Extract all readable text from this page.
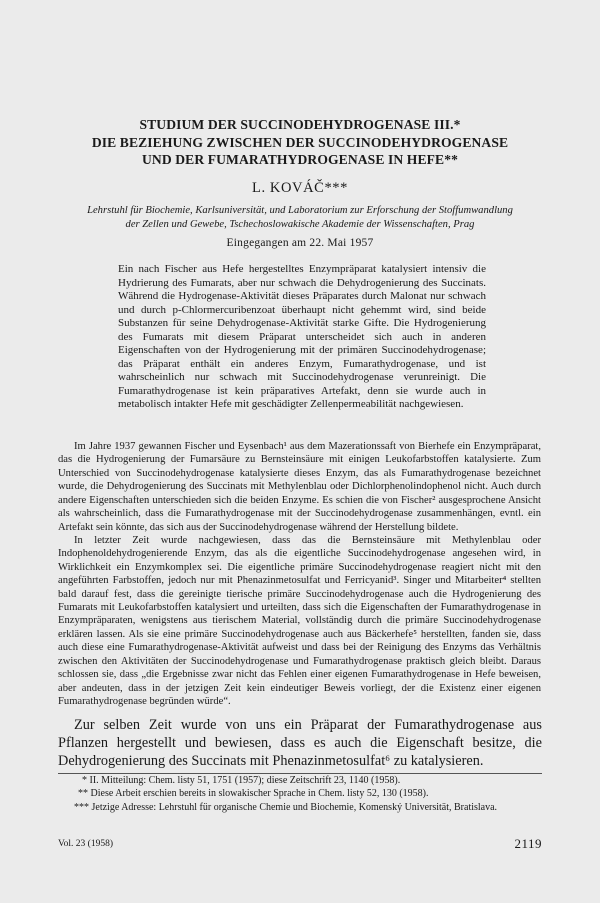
STUDIUM DER SUCCINODEHYDROGENASE III.*
DIE BEZIEHUNG ZWISCHEN DER SUCCINODEHYDROGENASE
UND DER FUMARATHYDROGENASE IN HEFE**
L. KOVÁČ***
Lehrstuhl für Biochemie, Karlsuniversität, und Laboratorium zur Erforschung der Stoffumwandlung
der Zellen und Gewebe, Tschechoslowakische Akademie der Wissenschaften, Prag
Eingegangen am 22. Mai 1957
Ein nach Fischer aus Hefe hergestelltes Enzympräparat katalysiert intensiv die Hydrierung des Fumarats, aber nur schwach die Dehydrogenierung des Succinats. Während die Hydrogenase-Aktivität dieses Präparates durch Malonat nur schwach und durch p-Chlormercuribenzoat überhaupt nicht gehemmt wird, sind beide Substanzen für seine Dehydrogenase-Aktivität starke Gifte. Die Hydrogenierung des Fumarats mit diesem Präparat unterscheidet sich auch in anderen Eigenschaften von der Hydrogenierung mit der primären Succinodehydrogenase; das Präparat enthält ein anderes Enzym, Fumarathydrogenase, und ist wahrscheinlich nur schwach mit Succinodehydrogenase verunreinigt. Die Fumarathydrogenase ist kein präparatives Artefakt, denn sie wurde auch in metabolisch intakter Hefe mit geschädigter Zellenpermeabilität nachgewiesen.
Im Jahre 1937 gewannen Fischer und Eysenbach¹ aus dem Mazerationssaft von Bierhefe ein Enzympräparat, das die Hydrogenierung der Fumarsäure zu Bernsteinsäure mit einigen Leukofarbstoffen katalysierte. Zum Unterschied von Succinodehydrogenase katalysierte dieses Enzym, das als Fumarathydrogenase bezeichnet wurde, die Dehydrogenierung des Succinats mit Methylenblau oder Dichlorphenolindophenol nicht. Auch durch andere Eigenschaften unterschieden sich die beiden Enzyme. Es schien die von Fischer² ausgesprochene Ansicht als wahrscheinlich, dass die Fumarathydrogenase mit der Succinodehydrogenase zusammenhängen, evntl. ein Artefakt sein könnte, das sich aus der Succinodehydrogenase während der Herstellung bildete.
In letzter Zeit wurde nachgewiesen, dass das die Bernsteinsäure mit Methylenblau oder Indophenoldehydrogenierende Enzym, das als die eigentliche Succinodehydrogenase angesehen wird, in Wirklichkeit ein Enzymkomplex sei. Die eigentliche primäre Succinodehydrogenase reagiert nicht mit den angeführten Farbstoffen, jedoch nur mit Phenazinmetosulfat und Ferricyanid³. Singer und Mitarbeiter⁴ stellten bald darauf fest, dass die gereinigte tierische primäre Succinodehydrogenase auch die Hydrogenierung des Fumarats mit Leukofarbstoffen katalysiert und urteilten, dass sich die Eigenschaften der Fumarathydrogenase in Enzympräparaten, wenigstens aus tierischem Material, vollständig durch die primäre Succinodehydrogenase erklären lassen. Als sie eine primäre Succinodehydrogenase auch aus Bäckerhefe⁵ herstellten, fanden sie, dass auch diese eine Fumarathydrogenase-Aktivität aufweist und dass bei der Reinigung des Enzyms das Verhältnis zwischen den Aktivitäten der Succinodehydrogenase und Fumarathydrogenase praktisch gleich bleibt. Daraus schlossen sie, dass „die Ergebnisse zwar nicht das Fehlen einer eigenen Fumarathydrogenase in Hefe beweisen, aber andeuten, dass in der jetzigen Zeit kein eindeutiger Beweis vorliegt, der die Existenz einer eigenen Fumarathydrogenase begründen würde“.
Zur selben Zeit wurde von uns ein Präparat der Fumarathydrogenase aus Pflanzen hergestellt und bewiesen, dass es auch die Eigenschaft besitze, die Dehydrogenierung des Succinats mit Phenazinmetosulfat⁶ zu katalysieren.
* II. Mitteilung: Chem. listy 51, 1751 (1957); diese Zeitschrift 23, 1140 (1958).
** Diese Arbeit erschien bereits in slowakischer Sprache in Chem. listy 52, 130 (1958).
*** Jetzige Adresse: Lehrstuhl für organische Chemie und Biochemie, Komenský Universität, Bratislava.
Vol. 23 (1958)	2119
